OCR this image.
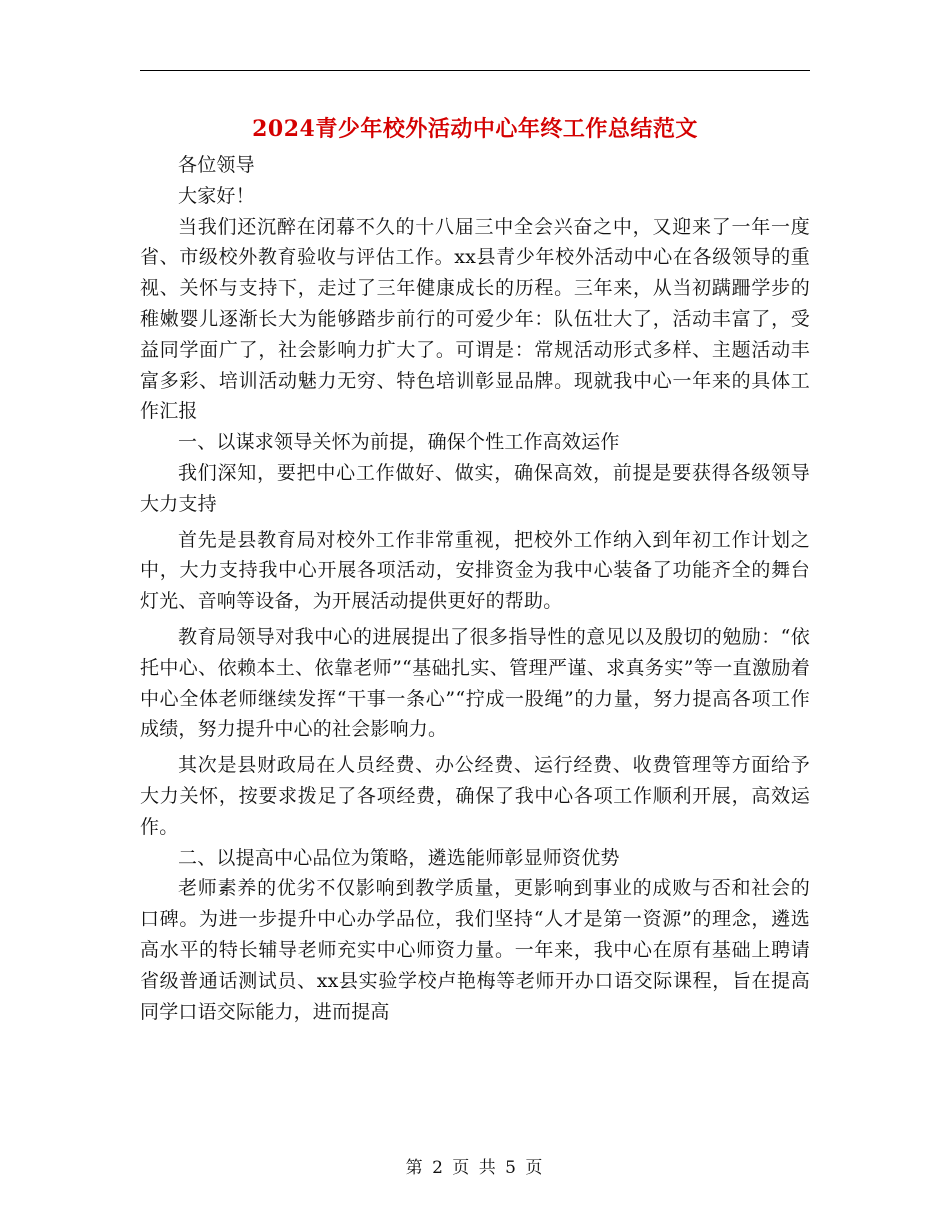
2024青少年校外活动中心年终工作总结范文

各位领导

大家好！

当我们还沉醉在闭幕不久的十八届三中全会兴奋之中，又迎来了一年一度省、市级校外教育验收与评估工作。xx县青少年校外活动中心在各级领导的重视、关怀与支持下，走过了三年健康成长的历程。三年来，从当初蹒跚学步的稚嫩婴儿逐渐长大为能够踏步前行的可爱少年：队伍壮大了，活动丰富了，受益同学面广了，社会影响力扩大了。可谓是：常规活动形式多样、主题活动丰富多彩、培训活动魅力无穷、特色培训彰显品牌。现就我中心一年来的具体工作汇报

一、以谋求领导关怀为前提，确保个性工作高效运作

我们深知，要把中心工作做好、做实，确保高效，前提是要获得各级领导大力支持

首先是县教育局对校外工作非常重视，把校外工作纳入到年初工作计划之中，大力支持我中心开展各项活动，安排资金为我中心装备了功能齐全的舞台灯光、音响等设备，为开展活动提供更好的帮助。

教育局领导对我中心的进展提出了很多指导性的意见以及殷切的勉励：“依托中心、依赖本土、依靠老师”“基础扎实、管理严谨、求真务实”等一直激励着中心全体老师继续发挥“干事一条心”“拧成一股绳”的力量，努力提高各项工作成绩，努力提升中心的社会影响力。

其次是县财政局在人员经费、办公经费、运行经费、收费管理等方面给予大力关怀，按要求拨足了各项经费，确保了我中心各项工作顺利开展，高效运作。

二、以提高中心品位为策略，遴选能师彰显师资优势

老师素养的优劣不仅影响到教学质量，更影响到事业的成败与否和社会的口碑。为进一步提升中心办学品位，我们坚持“人才是第一资源”的理念，遴选高水平的特长辅导老师充实中心师资力量。一年来，我中心在原有基础上聘请省级普通话测试员、xx县实验学校卢艳梅等老师开办口语交际课程，旨在提高同学口语交际能力，进而提高

第 2 页 共 5 页
